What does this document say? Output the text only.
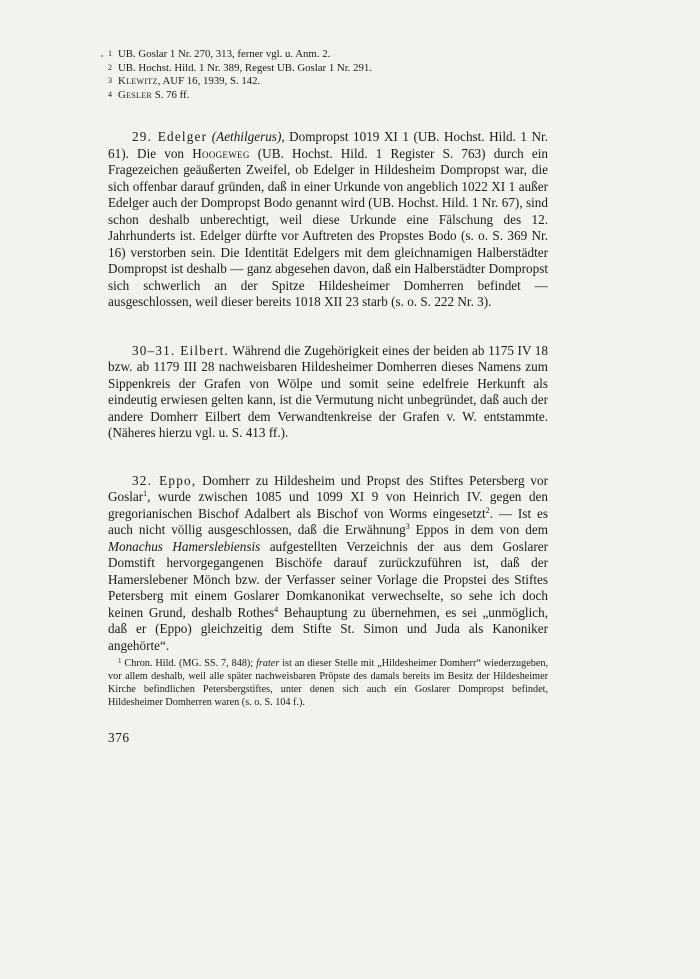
1 UB. Goslar 1 Nr. 270, 313, ferner vgl. u. Anm. 2.
2 UB. Hochst. Hild. 1 Nr. 389, Regest UB. Goslar 1 Nr. 291.
3 Klewitz, AUF 16, 1939, S. 142.
4 Gesler S. 76 ff.

29. Edelger (Aethilgerus), Dompropst 1019 XI 1 (UB. Hochst. Hild. 1 Nr. 61). Die von Hoogeweg (UB. Hochst. Hild. 1 Register S. 763) durch ein Fragezeichen geäußerten Zweifel, ob Edelger in Hildesheim Dompropst war, die sich offenbar darauf gründen, daß in einer Urkunde von angeblich 1022 XI 1 außer Edelger auch der Dompropst Bodo genannt wird (UB. Hochst. Hild. 1 Nr. 67), sind schon deshalb unberechtigt, weil diese Urkunde eine Fälschung des 12. Jahrhunderts ist. Edelger dürfte vor Auftreten des Propstes Bodo (s. o. S. 369 Nr. 16) verstorben sein. Die Identität Edelgers mit dem gleichnamigen Halberstädter Dompropst ist deshalb — ganz abgesehen davon, daß ein Halberstädter Dompropst sich schwerlich an der Spitze Hildesheimer Domherren befindet — ausgeschlossen, weil dieser bereits 1018 XII 23 starb (s. o. S. 222 Nr. 3).

30–31. Eilbert. Während die Zugehörigkeit eines der beiden ab 1175 IV 18 bzw. ab 1179 III 28 nachweisbaren Hildesheimer Domherren dieses Namens zum Sippenkreis der Grafen von Wölpe und somit seine edelfreie Herkunft als eindeutig erwiesen gelten kann, ist die Vermutung nicht unbegründet, daß auch der andere Domherr Eilbert dem Verwandtenkreise der Grafen v. W. entstammte. (Näheres hierzu vgl. u. S. 413 ff.).

32. Eppo, Domherr zu Hildesheim und Propst des Stiftes Petersberg vor Goslar$^1$, wurde zwischen 1085 und 1099 XI 9 von Heinrich IV. gegen den gregorianischen Bischof Adalbert als Bischof von Worms eingesetzt$^2$. — Ist es auch nicht völlig ausgeschlossen, daß die Erwähnung$^3$ Eppos in dem von dem Monachus Hamerslebiensis aufgestellten Verzeichnis der aus dem Goslarer Domstift hervorgegangenen Bischöfe darauf zurückzuführen ist, daß der Hamerslebener Mönch bzw. der Verfasser seiner Vorlage die Propstei des Stiftes Petersberg mit einem Goslarer Domkanonikat verwechselte, so sehe ich doch keinen Grund, deshalb Rothes$^4$ Behauptung zu übernehmen, es sei „unmöglich, daß er (Eppo) gleichzeitig dem Stifte St. Simon und Juda als Kanoniker angehörte“.

$^1$ Chron. Hild. (MG. SS. 7, 848); frater ist an dieser Stelle mit „Hildesheimer Domherr“ wiederzugeben, vor allem deshalb, weil alle später nachweisbaren Pröpste des damals bereits im Besitz der Hildesheimer Kirche befindlichen Petersbergstiftes, unter denen sich auch ein Goslarer Dompropst befindet, Hildesheimer Domherren waren (s. o. S. 104 f.).

376
